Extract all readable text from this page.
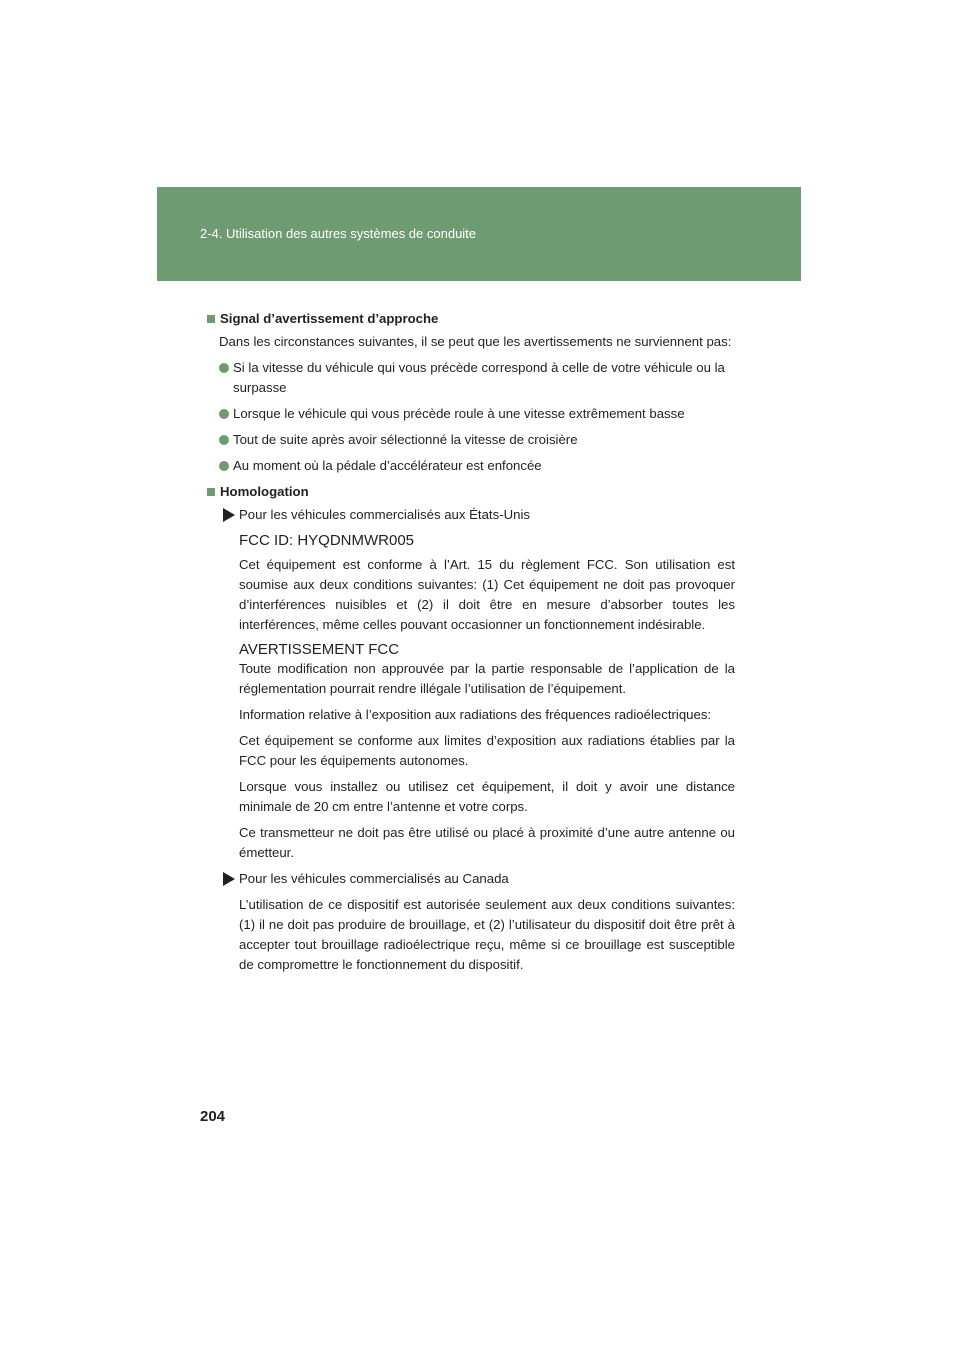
2-4. Utilisation des autres systèmes de conduite
Signal d’avertissement d’approche

Dans les circonstances suivantes, il se peut que les avertissements ne surviennent pas:

Si la vitesse du véhicule qui vous précède correspond à celle de votre véhicule ou la surpasse
Lorsque le véhicule qui vous précède roule à une vitesse extrêmement basse
Tout de suite après avoir sélectionné la vitesse de croisière
Au moment où la pédale d’accélérateur est enfoncée
Homologation
Pour les véhicules commercialisés aux États-Unis

FCC ID: HYQDNMWR005

Cet équipement est conforme à l’Art. 15 du règlement FCC. Son utilisation est soumise aux deux conditions suivantes: (1) Cet équipement ne doit pas provoquer d’interférences nuisibles et (2) il doit être en mesure d’absorber toutes les interférences, même celles pouvant occasionner un fonctionnement indésirable.

AVERTISSEMENT FCC

Toute modification non approuvée par la partie responsable de l’application de la réglementation pourrait rendre illégale l’utilisation de l’équipement.

Information relative à l’exposition aux radiations des fréquences radioélectriques:

Cet équipement se conforme aux limites d’exposition aux radiations établies par la FCC pour les équipements autonomes.

Lorsque vous installez ou utilisez cet équipement, il doit y avoir une distance minimale de 20 cm entre l’antenne et votre corps.

Ce transmetteur ne doit pas être utilisé ou placé à proximité d’une autre antenne ou émetteur.

Pour les véhicules commercialisés au Canada

L’utilisation de ce dispositif est autorisée seulement aux deux conditions suivantes: (1) il ne doit pas produire de brouillage, et (2) l’utilisateur du dispositif doit être prêt à accepter tout brouillage radioélectrique reçu, même si ce brouillage est susceptible de compromettre le fonctionnement du dispositif.

204
